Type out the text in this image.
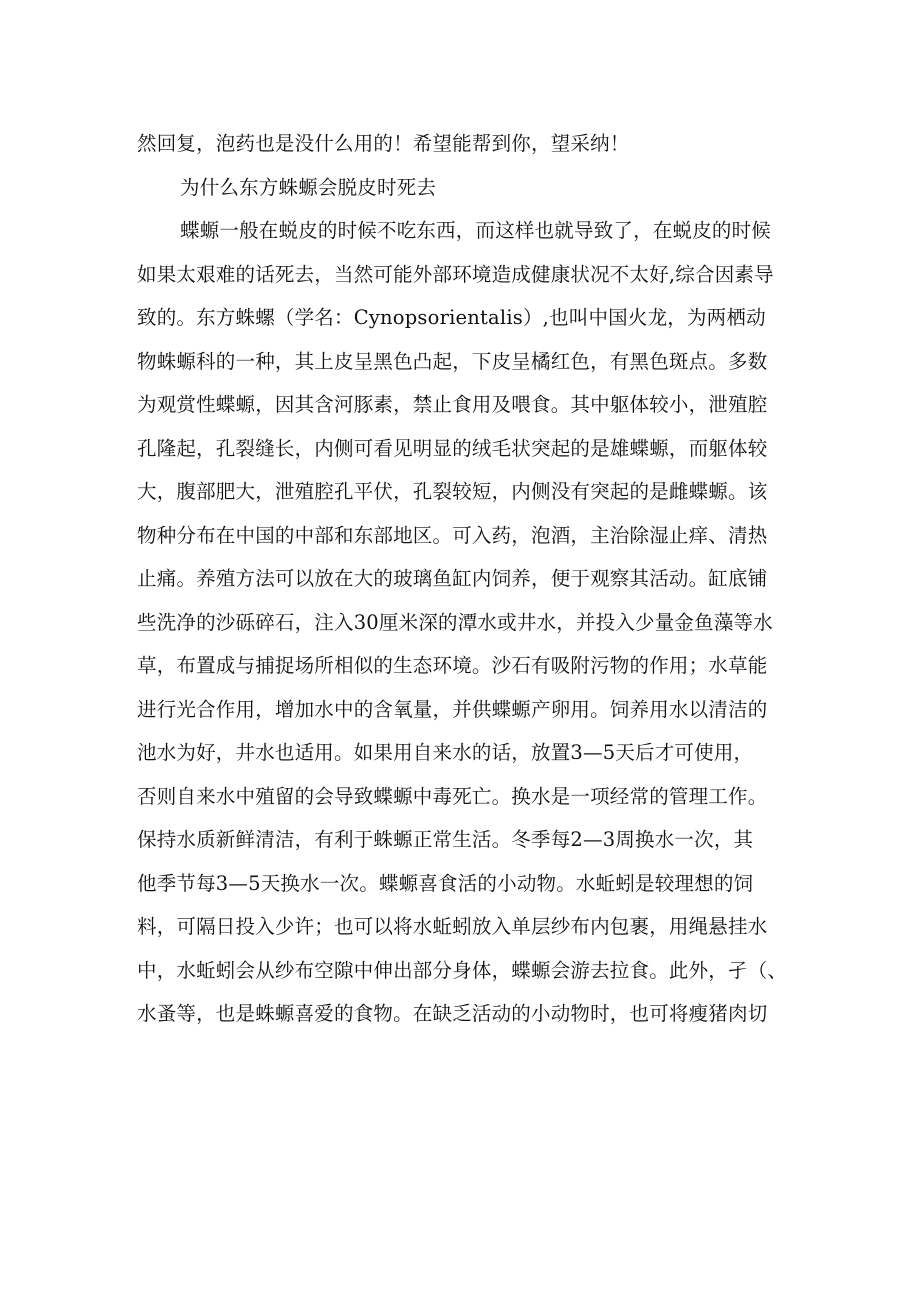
然回复，泡药也是没什么用的！希望能帮到你，望采纳！
为什么东方蛛螈会脱皮时死去
蝶螈一般在蜕皮的时候不吃东西，而这样也就导致了，在蜕皮的时候
如果太艰难的话死去，当然可能外部环境造成健康状况不太好,综合因素导
致的。东方蛛螺（学名：Cynopsorientalis）,也叫中国火龙，为两栖动
物蛛螈科的一种，其上皮呈黑色凸起，下皮呈橘红色，有黑色斑点。多数
为观赏性蝶螈，因其含河豚素，禁止食用及喂食。其中躯体较小，泄殖腔
孔隆起，孔裂缝长，内侧可看见明显的绒毛状突起的是雄蝶螈，而躯体较
大，腹部肥大，泄殖腔孔平伏，孔裂较短，内侧没有突起的是雌蝶螈。该
物种分布在中国的中部和东部地区。可入药，泡酒，主治除湿止痒、清热
止痛。养殖方法可以放在大的玻璃鱼缸内饲养，便于观察其活动。缸底铺
些洗净的沙砾碎石，注入30厘米深的潭水或井水，并投入少量金鱼藻等水
草，布置成与捕捉场所相似的生态环境。沙石有吸附污物的作用；水草能
进行光合作用，增加水中的含氧量，并供蝶螈产卵用。饲养用水以清洁的
池水为好，井水也适用。如果用自来水的话，放置3—5天后才可使用，
否则自来水中殖留的会导致蝶螈中毒死亡。换水是一项经常的管理工作。
保持水质新鲜清洁，有利于蛛螈正常生活。冬季每2—3周换水一次，其
他季节每3—5天换水一次。蝶螈喜食活的小动物。水蚯蚓是较理想的饲
料，可隔日投入少许；也可以将水蚯蚓放入单层纱布内包裹，用绳悬挂水
中，水蚯蚓会从纱布空隙中伸出部分身体，蝶螈会游去拉食。此外，孑（、
水蚤等，也是蛛螈喜爱的食物。在缺乏活动的小动物时，也可将瘦猪肉切
